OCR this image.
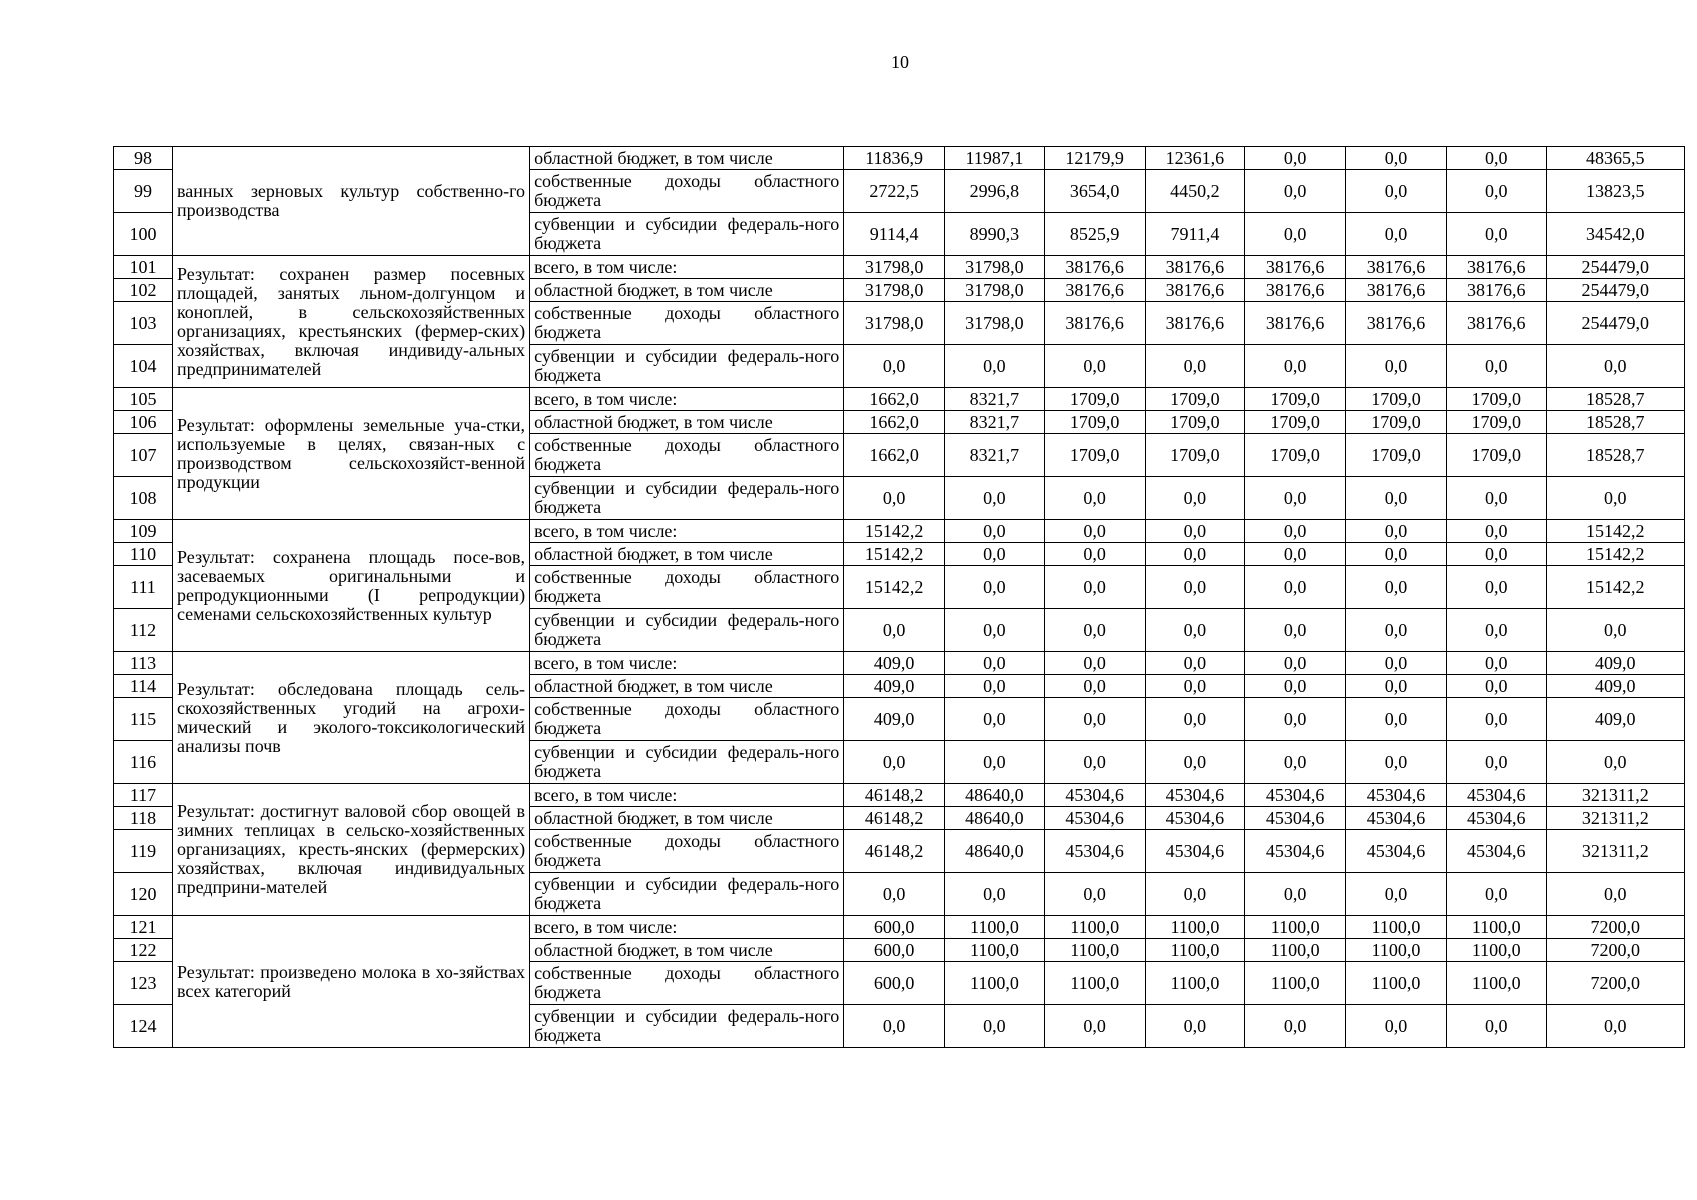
10
98	ванных зерновых культур собственно-го производства	областной бюджет, в том числе	11836,9	11987,1	12179,9	12361,6	0,0	0,0	0,0	48365,5
99		собственные доходы областного бюджета	2722,5	2996,8	3654,0	4450,2	0,0	0,0	0,0	13823,5
100		субвенции и субсидии федераль-ного бюджета	9114,4	8990,3	8525,9	7911,4	0,0	0,0	0,0	34542,0
101	Результат: сохранен размер посевных площадей, занятых льном-долгунцом и коноплей, в сельскохозяйственных организациях, крестьянских (фермер-ских) хозяйствах, включая индивиду-альных предпринимателей	всего, в том числе:	31798,0	31798,0	38176,6	38176,6	38176,6	38176,6	38176,6	254479,0
102		областной бюджет, в том числе	31798,0	31798,0	38176,6	38176,6	38176,6	38176,6	38176,6	254479,0
103		собственные доходы областного бюджета	31798,0	31798,0	38176,6	38176,6	38176,6	38176,6	38176,6	254479,0
104		субвенции и субсидии федераль-ного бюджета	0,0	0,0	0,0	0,0	0,0	0,0	0,0	0,0
105	Результат: оформлены земельные уча-стки, используемые в целях, связан-ных с производством сельскохозяйст-венной продукции	всего, в том числе:	1662,0	8321,7	1709,0	1709,0	1709,0	1709,0	1709,0	18528,7
106		областной бюджет, в том числе	1662,0	8321,7	1709,0	1709,0	1709,0	1709,0	1709,0	18528,7
107		собственные доходы областного бюджета	1662,0	8321,7	1709,0	1709,0	1709,0	1709,0	1709,0	18528,7
108		субвенции и субсидии федераль-ного бюджета	0,0	0,0	0,0	0,0	0,0	0,0	0,0	0,0
109	Результат: сохранена площадь посе-вов, засеваемых оригинальными и репродукционными (I репродукции) семенами сельскохозяйственных культур	всего, в том числе:	15142,2	0,0	0,0	0,0	0,0	0,0	0,0	15142,2
110		областной бюджет, в том числе	15142,2	0,0	0,0	0,0	0,0	0,0	0,0	15142,2
111		собственные доходы областного бюджета	15142,2	0,0	0,0	0,0	0,0	0,0	0,0	15142,2
112		субвенции и субсидии федераль-ного бюджета	0,0	0,0	0,0	0,0	0,0	0,0	0,0	0,0
113	Результат: обследована площадь сель-скохозяйственных угодий на агрохи-мический и эколого-токсикологический анализы почв	всего, в том числе:	409,0	0,0	0,0	0,0	0,0	0,0	0,0	409,0
114		областной бюджет, в том числе	409,0	0,0	0,0	0,0	0,0	0,0	0,0	409,0
115		собственные доходы областного бюджета	409,0	0,0	0,0	0,0	0,0	0,0	0,0	409,0
116		субвенции и субсидии федераль-ного бюджета	0,0	0,0	0,0	0,0	0,0	0,0	0,0	0,0
117	Результат: достигнут валовой сбор овощей в зимних теплицах в сельско-хозяйственных организациях, кресть-янских (фермерских) хозяйствах, включая индивидуальных предприни-мателей	всего, в том числе:	46148,2	48640,0	45304,6	45304,6	45304,6	45304,6	45304,6	321311,2
118		областной бюджет, в том числе	46148,2	48640,0	45304,6	45304,6	45304,6	45304,6	45304,6	321311,2
119		собственные доходы областного бюджета	46148,2	48640,0	45304,6	45304,6	45304,6	45304,6	45304,6	321311,2
120		субвенции и субсидии федераль-ного бюджета	0,0	0,0	0,0	0,0	0,0	0,0	0,0	0,0
121	Результат: произведено молока в хо-зяйствах всех категорий	всего, в том числе:	600,0	1100,0	1100,0	1100,0	1100,0	1100,0	1100,0	7200,0
122		областной бюджет, в том числе	600,0	1100,0	1100,0	1100,0	1100,0	1100,0	1100,0	7200,0
123		собственные доходы областного бюджета	600,0	1100,0	1100,0	1100,0	1100,0	1100,0	1100,0	7200,0
124		субвенции и субсидии федераль-ного бюджета	0,0	0,0	0,0	0,0	0,0	0,0	0,0	0,0
